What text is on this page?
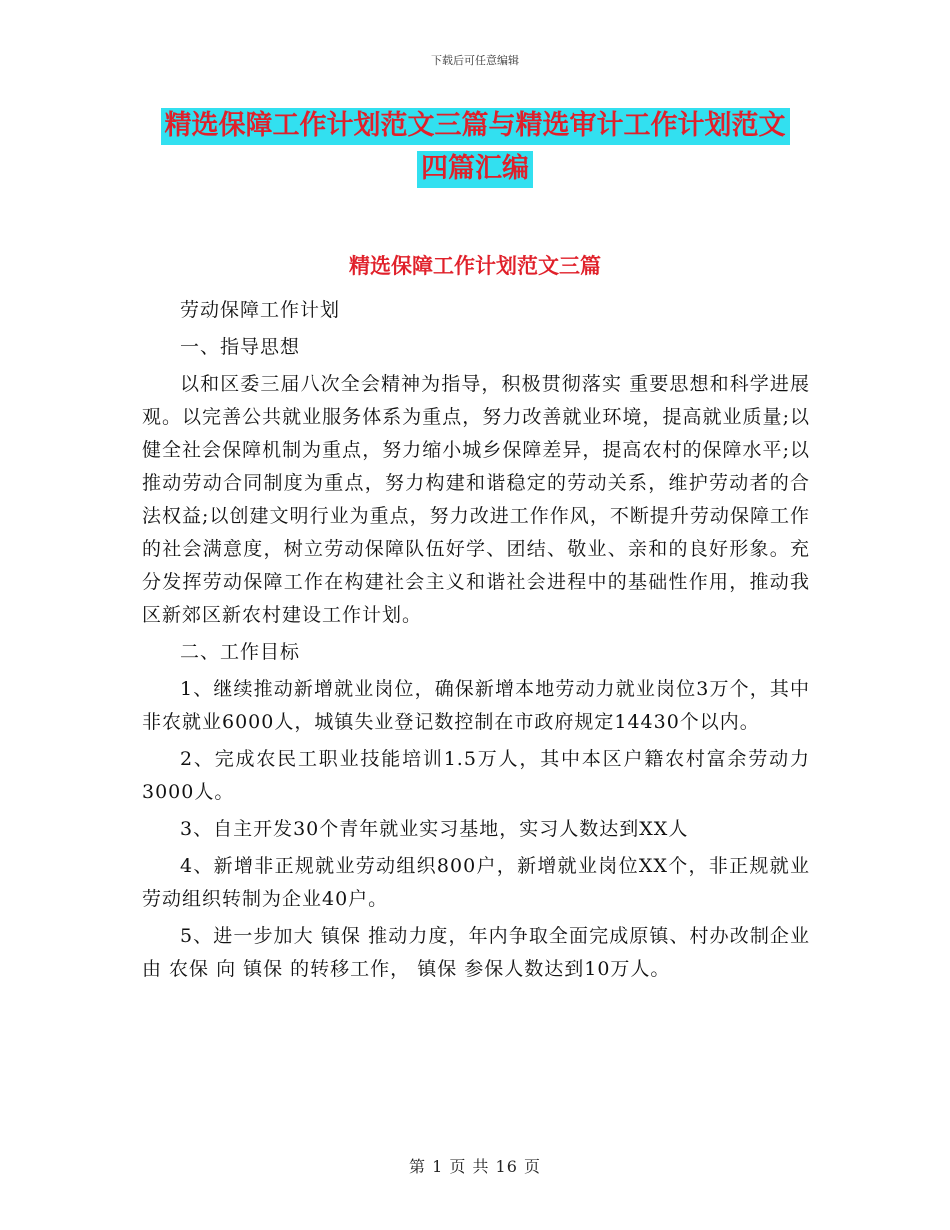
下载后可任意编辑
精选保障工作计划范文三篇与精选审计工作计划范文
四篇汇编
精选保障工作计划范文三篇

劳动保障工作计划

一、指导思想

以和区委三届八次全会精神为指导，积极贯彻落实 重要思想和科学进展观。以完善公共就业服务体系为重点，努力改善就业环境，提高就业质量;以健全社会保障机制为重点，努力缩小城乡保障差异，提高农村的保障水平;以推动劳动合同制度为重点，努力构建和谐稳定的劳动关系，维护劳动者的合法权益;以创建文明行业为重点，努力改进工作作风，不断提升劳动保障工作的社会满意度，树立劳动保障队伍好学、团结、敬业、亲和的良好形象。充分发挥劳动保障工作在构建社会主义和谐社会进程中的基础性作用，推动我区新郊区新农村建设工作计划。

二、工作目标

1、继续推动新增就业岗位，确保新增本地劳动力就业岗位3万个，其中非农就业6000人，城镇失业登记数控制在市政府规定14430个以内。

2、完成农民工职业技能培训1.5万人，其中本区户籍农村富余劳动力3000人。

3、自主开发30个青年就业实习基地，实习人数达到XX人

4、新增非正规就业劳动组织800户，新增就业岗位XX个，非正规就业劳动组织转制为企业40户。

5、进一步加大 镇保 推动力度，年内争取全面完成原镇、村办改制企业由 农保 向 镇保 的转移工作， 镇保 参保人数达到10万人。

第 1 页 共 16 页
